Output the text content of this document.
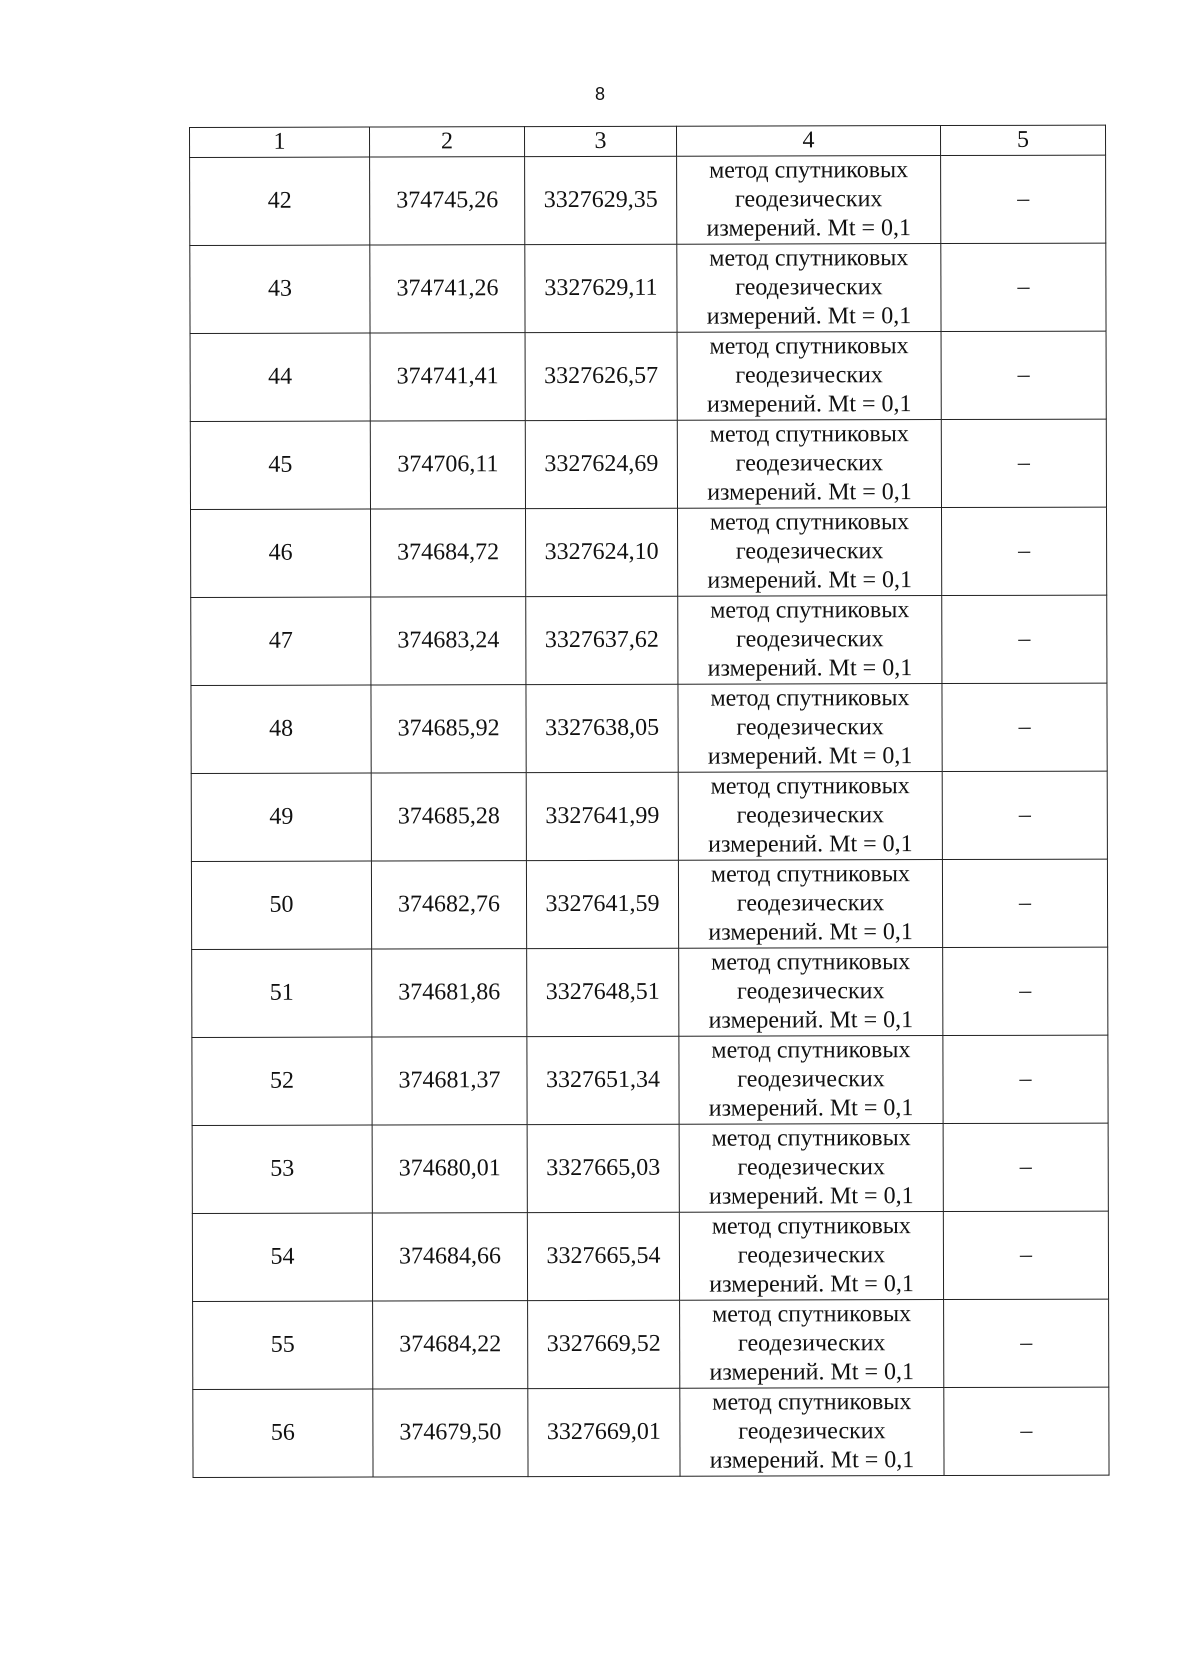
8
1	2	3	4	5
42	374745,26	3327629,35	метод спутниковых
геодезических
измерений. Mt = 0,1	–
43	374741,26	3327629,11	метод спутниковых
геодезических
измерений. Mt = 0,1	–
44	374741,41	3327626,57	метод спутниковых
геодезических
измерений. Mt = 0,1	–
45	374706,11	3327624,69	метод спутниковых
геодезических
измерений. Mt = 0,1	–
46	374684,72	3327624,10	метод спутниковых
геодезических
измерений. Mt = 0,1	–
47	374683,24	3327637,62	метод спутниковых
геодезических
измерений. Mt = 0,1	–
48	374685,92	3327638,05	метод спутниковых
геодезических
измерений. Mt = 0,1	–
49	374685,28	3327641,99	метод спутниковых
геодезических
измерений. Mt = 0,1	–
50	374682,76	3327641,59	метод спутниковых
геодезических
измерений. Mt = 0,1	–
51	374681,86	3327648,51	метод спутниковых
геодезических
измерений. Mt = 0,1	–
52	374681,37	3327651,34	метод спутниковых
геодезических
измерений. Mt = 0,1	–
53	374680,01	3327665,03	метод спутниковых
геодезических
измерений. Mt = 0,1	–
54	374684,66	3327665,54	метод спутниковых
геодезических
измерений. Mt = 0,1	–
55	374684,22	3327669,52	метод спутниковых
геодезических
измерений. Mt = 0,1	–
56	374679,50	3327669,01	метод спутниковых
геодезических
измерений. Mt = 0,1	–
